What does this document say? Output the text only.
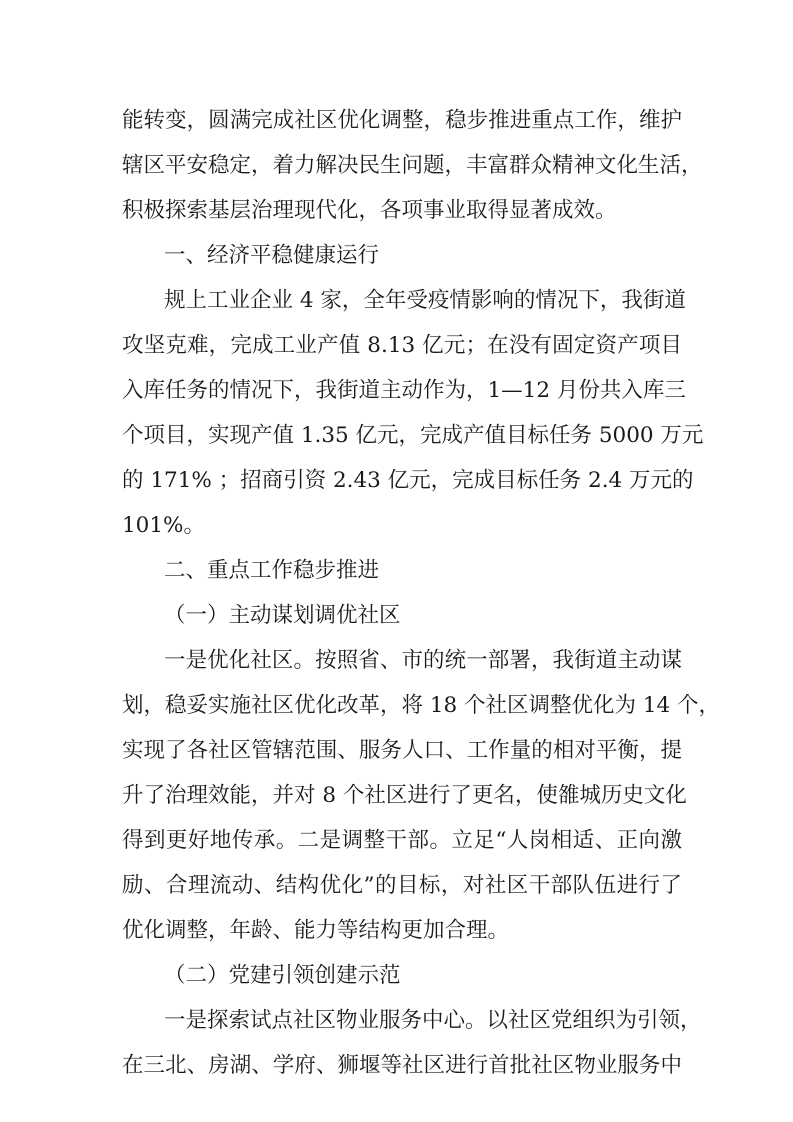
能转变，圆满完成社区优化调整，稳步推进重点工作，维护
辖区平安稳定，着力解决民生问题，丰富群众精神文化生活，
积极探索基层治理现代化，各项事业取得显著成效。
一、经济平稳健康运行
规上工业企业 4 家，全年受疫情影响的情况下，我街道
攻坚克难，完成工业产值 8.13 亿元；在没有固定资产项目
入库任务的情况下，我街道主动作为，1—12 月份共入库三
个项目，实现产值 1.35 亿元，完成产值目标任务 5000 万元
的 171% ；招商引资 2.43 亿元，完成目标任务 2.4 万元的
101%。
二、重点工作稳步推进
（一）主动谋划调优社区
一是优化社区。按照省、市的统一部署，我街道主动谋
划，稳妥实施社区优化改革，将 18 个社区调整优化为 14 个，
实现了各社区管辖范围、服务人口、工作量的相对平衡，提
升了治理效能，并对 8 个社区进行了更名，使雒城历史文化
得到更好地传承。二是调整干部。立足“人岗相适、正向激
励、合理流动、结构优化”的目标，对社区干部队伍进行了
优化调整，年龄、能力等结构更加合理。
（二）党建引领创建示范
一是探索试点社区物业服务中心。以社区党组织为引领，
在三北、房湖、学府、狮堰等社区进行首批社区物业服务中
